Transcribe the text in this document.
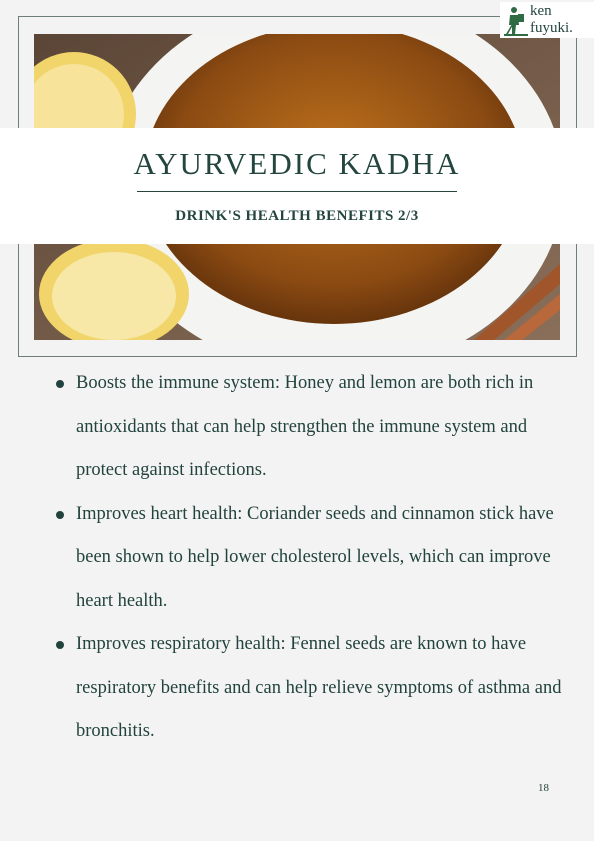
AYURVEDIC KADHA
DRINK'S HEALTH BENEFITS 2/3
ken
fuyuki.
Boosts the immune system: Honey and lemon are both rich in antioxidants that can help strengthen the immune system and protect against infections.
Improves heart health: Coriander seeds and cinnamon stick have been shown to help lower cholesterol levels, which can improve heart health.
Improves respiratory health: Fennel seeds are known to have respiratory benefits and can help relieve symptoms of asthma and bronchitis.
18
